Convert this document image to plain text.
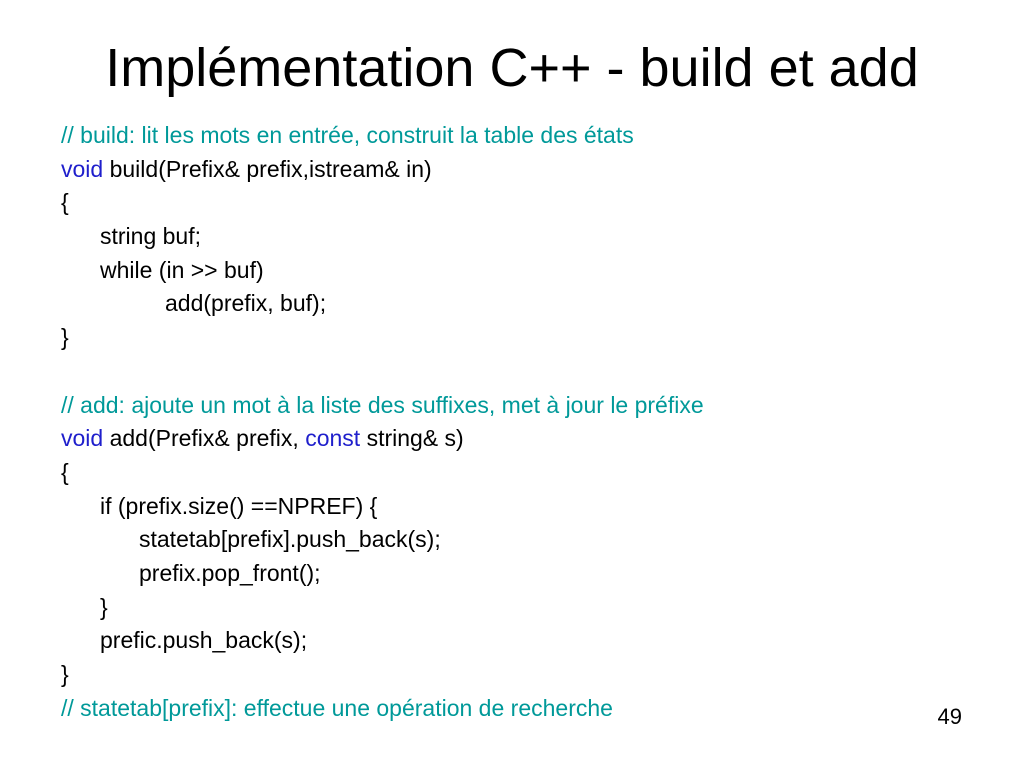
Implémentation C++ - build et add
// build: lit les mots en entrée, construit la table des états
void build(Prefix& prefix,istream& in)
{
string buf;
while (in >> buf)
add(prefix, buf);
}
// add: ajoute un mot à la liste des suffixes, met à jour le préfixe
void add(Prefix& prefix, const string& s)
{
if (prefix.size() ==NPREF) {
statetab[prefix].push_back(s);
prefix.pop_front();
}
prefic.push_back(s);
}
// statetab[prefix]: effectue une opération de recherche	49
